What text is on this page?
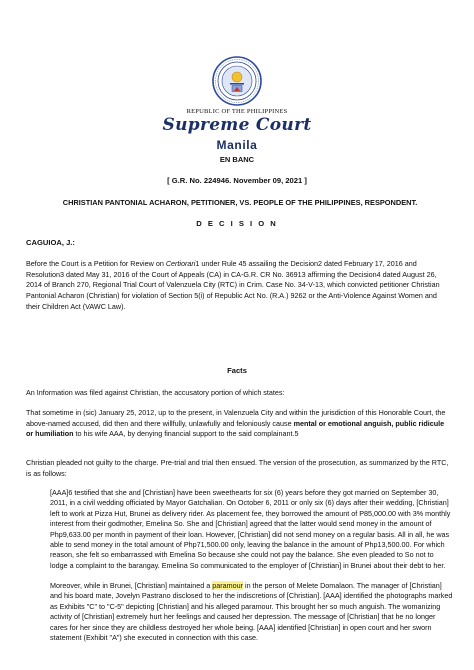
REPUBLIC OF THE PHILIPPINES
Supreme Court
Manila
EN BANC
[ G.R. No. 224946. November 09, 2021 ]
CHRISTIAN PANTONIAL ACHARON, PETITIONER, VS. PEOPLE OF THE PHILIPPINES, RESPONDENT.
D E C I S I O N
CAGUIOA, J.:

Before the Court is a Petition for Review on Certiorari1 under Rule 45 assailing the Decision2 dated February 17, 2016 and Resolution3 dated May 31, 2016 of the Court of Appeals (CA) in CA-G.R. CR No. 36913 affirming the Decision4 dated August 26, 2014 of Branch 270, Regional Trial Court of Valenzuela City (RTC) in Crim. Case No. 34-V-13, which convicted petitioner Christian Pantonial Acharon (Christian) for violation of Section 5(i) of Republic Act No. (R.A.) 9262 or the Anti-Violence Against Women and their Children Act (VAWC Law).

Facts

An Information was filed against Christian, the accusatory portion of which states:

That sometime in (sic) January 25, 2012, up to the present, in Valenzuela City and within the jurisdiction of this Honorable Court, the above-named accused, did then and there willfully, unlawfully and feloniously cause mental or emotional anguish, public ridicule or humiliation to his wife AAA, by denying financial support to the said complainant.5

Christian pleaded not guilty to the charge. Pre-trial and trial then ensued. The version of the prosecution, as summarized by the RTC, is as follows:

[AAA]6 testified that she and [Christian] have been sweethearts for six (6) years before they got married on September 30, 2011, in a civil wedding officiated by Mayor Gatchalian. On October 6, 2011 or only six (6) days after their wedding, [Christian] left to work at Pizza Hut, Brunei as delivery rider. As placement fee, they borrowed the amount of P85,000.00 with 3% monthly interest from their godmother, Emelina So. She and [Christian] agreed that the latter would send money in the amount of Php9,633.00 per month in payment of their loan. However, [Christian] did not send money on a regular basis. All in all, he was able to send money in the total amount of Php71,500.00 only, leaving the balance in the amount of Php13,500.00. For which reason, she felt so embarrassed with Emelina So because she could not pay the balance. She even pleaded to So not to lodge a complaint to the barangay. Emelina So communicated to the employer of [Christian] in Brunei about their debt to her.

Moreover, while in Brunei, [Christian] maintained a paramour in the person of Melete Domalaon. The manager of [Christian] and his board mate, Jovelyn Pastrano disclosed to her the indiscretions of [Christian]. [AAA] identified the photographs marked as Exhibits "C" to "C-5" depicting [Christian] and his alleged paramour. This brought her so much anguish. The womanizing activity of [Christian] extremely hurt her feelings and caused her depression. The message of [Christian] that he no longer cares for her since they are childless destroyed her whole being. [AAA] identified [Christian] in open court and her sworn statement (Exhibit "A") she executed in connection with this case.
